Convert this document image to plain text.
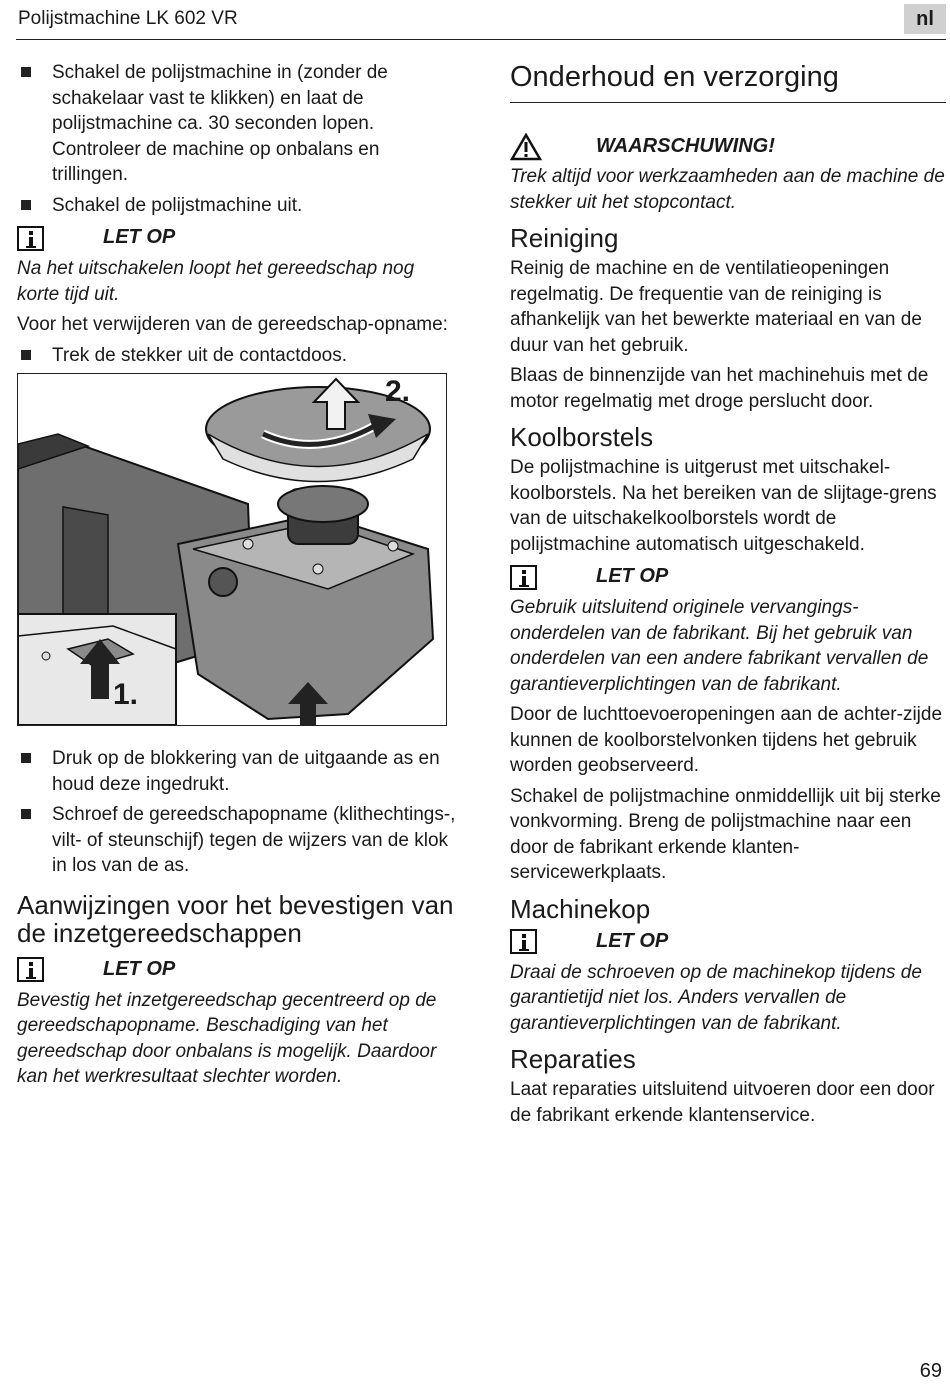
Polijstmachine LK 602 VR	nl
Schakel de polijstmachine in (zonder de schakelaar vast te klikken) en laat de polijstmachine ca. 30 seconden lopen. Controleer de machine op onbalans en trillingen.
Schakel de polijstmachine uit.
LET OP
Na het uitschakelen loopt het gereedschap nog korte tijd uit.

Voor het verwijderen van de gereedschap-opname:

Trek de stekker uit de contactdoos.
2.
1.
Druk op de blokkering van de uitgaande as en houd deze ingedrukt.
Schroef de gereedschapopname (klithechtings-, vilt- of steunschijf) tegen de wijzers van de klok in los van de as.
Aanwijzingen voor het bevestigen van de inzetgereedschappen
LET OP
Bevestig het inzetgereedschap gecentreerd op de gereedschapopname. Beschadiging van het gereedschap door onbalans is mogelijk. Daardoor kan het werkresultaat slechter worden.
Onderhoud en verzorging
WAARSCHUWING!
Trek altijd voor werkzaamheden aan de machine de stekker uit het stopcontact.
Reiniging

Reinig de machine en de ventilatieopeningen regelmatig. De frequentie van de reiniging is afhankelijk van het bewerkte materiaal en van de duur van het gebruik.

Blaas de binnenzijde van het machinehuis met de motor regelmatig met droge perslucht door.

Koolborstels

De polijstmachine is uitgerust met uitschakel-koolborstels. Na het bereiken van de slijtage-grens van de uitschakelkoolborstels wordt de polijstmachine automatisch uitgeschakeld.

LET OP
Gebruik uitsluitend originele vervangings-onderdelen van de fabrikant. Bij het gebruik van onderdelen van een andere fabrikant vervallen de garantieverplichtingen van de fabrikant.

Door de luchttoevoeropeningen aan de achter-zijde kunnen de koolborstelvonken tijdens het gebruik worden geobserveerd.

Schakel de polijstmachine onmiddellijk uit bij sterke vonkvorming. Breng de polijstmachine naar een door de fabrikant erkende klanten-servicewerkplaats.

Machinekop
LET OP
Draai de schroeven op de machinekop tijdens de garantietijd niet los. Anders vervallen de garantieverplichtingen van de fabrikant.
Reparaties

Laat reparaties uitsluitend uitvoeren door een door de fabrikant erkende klantenservice.

69
